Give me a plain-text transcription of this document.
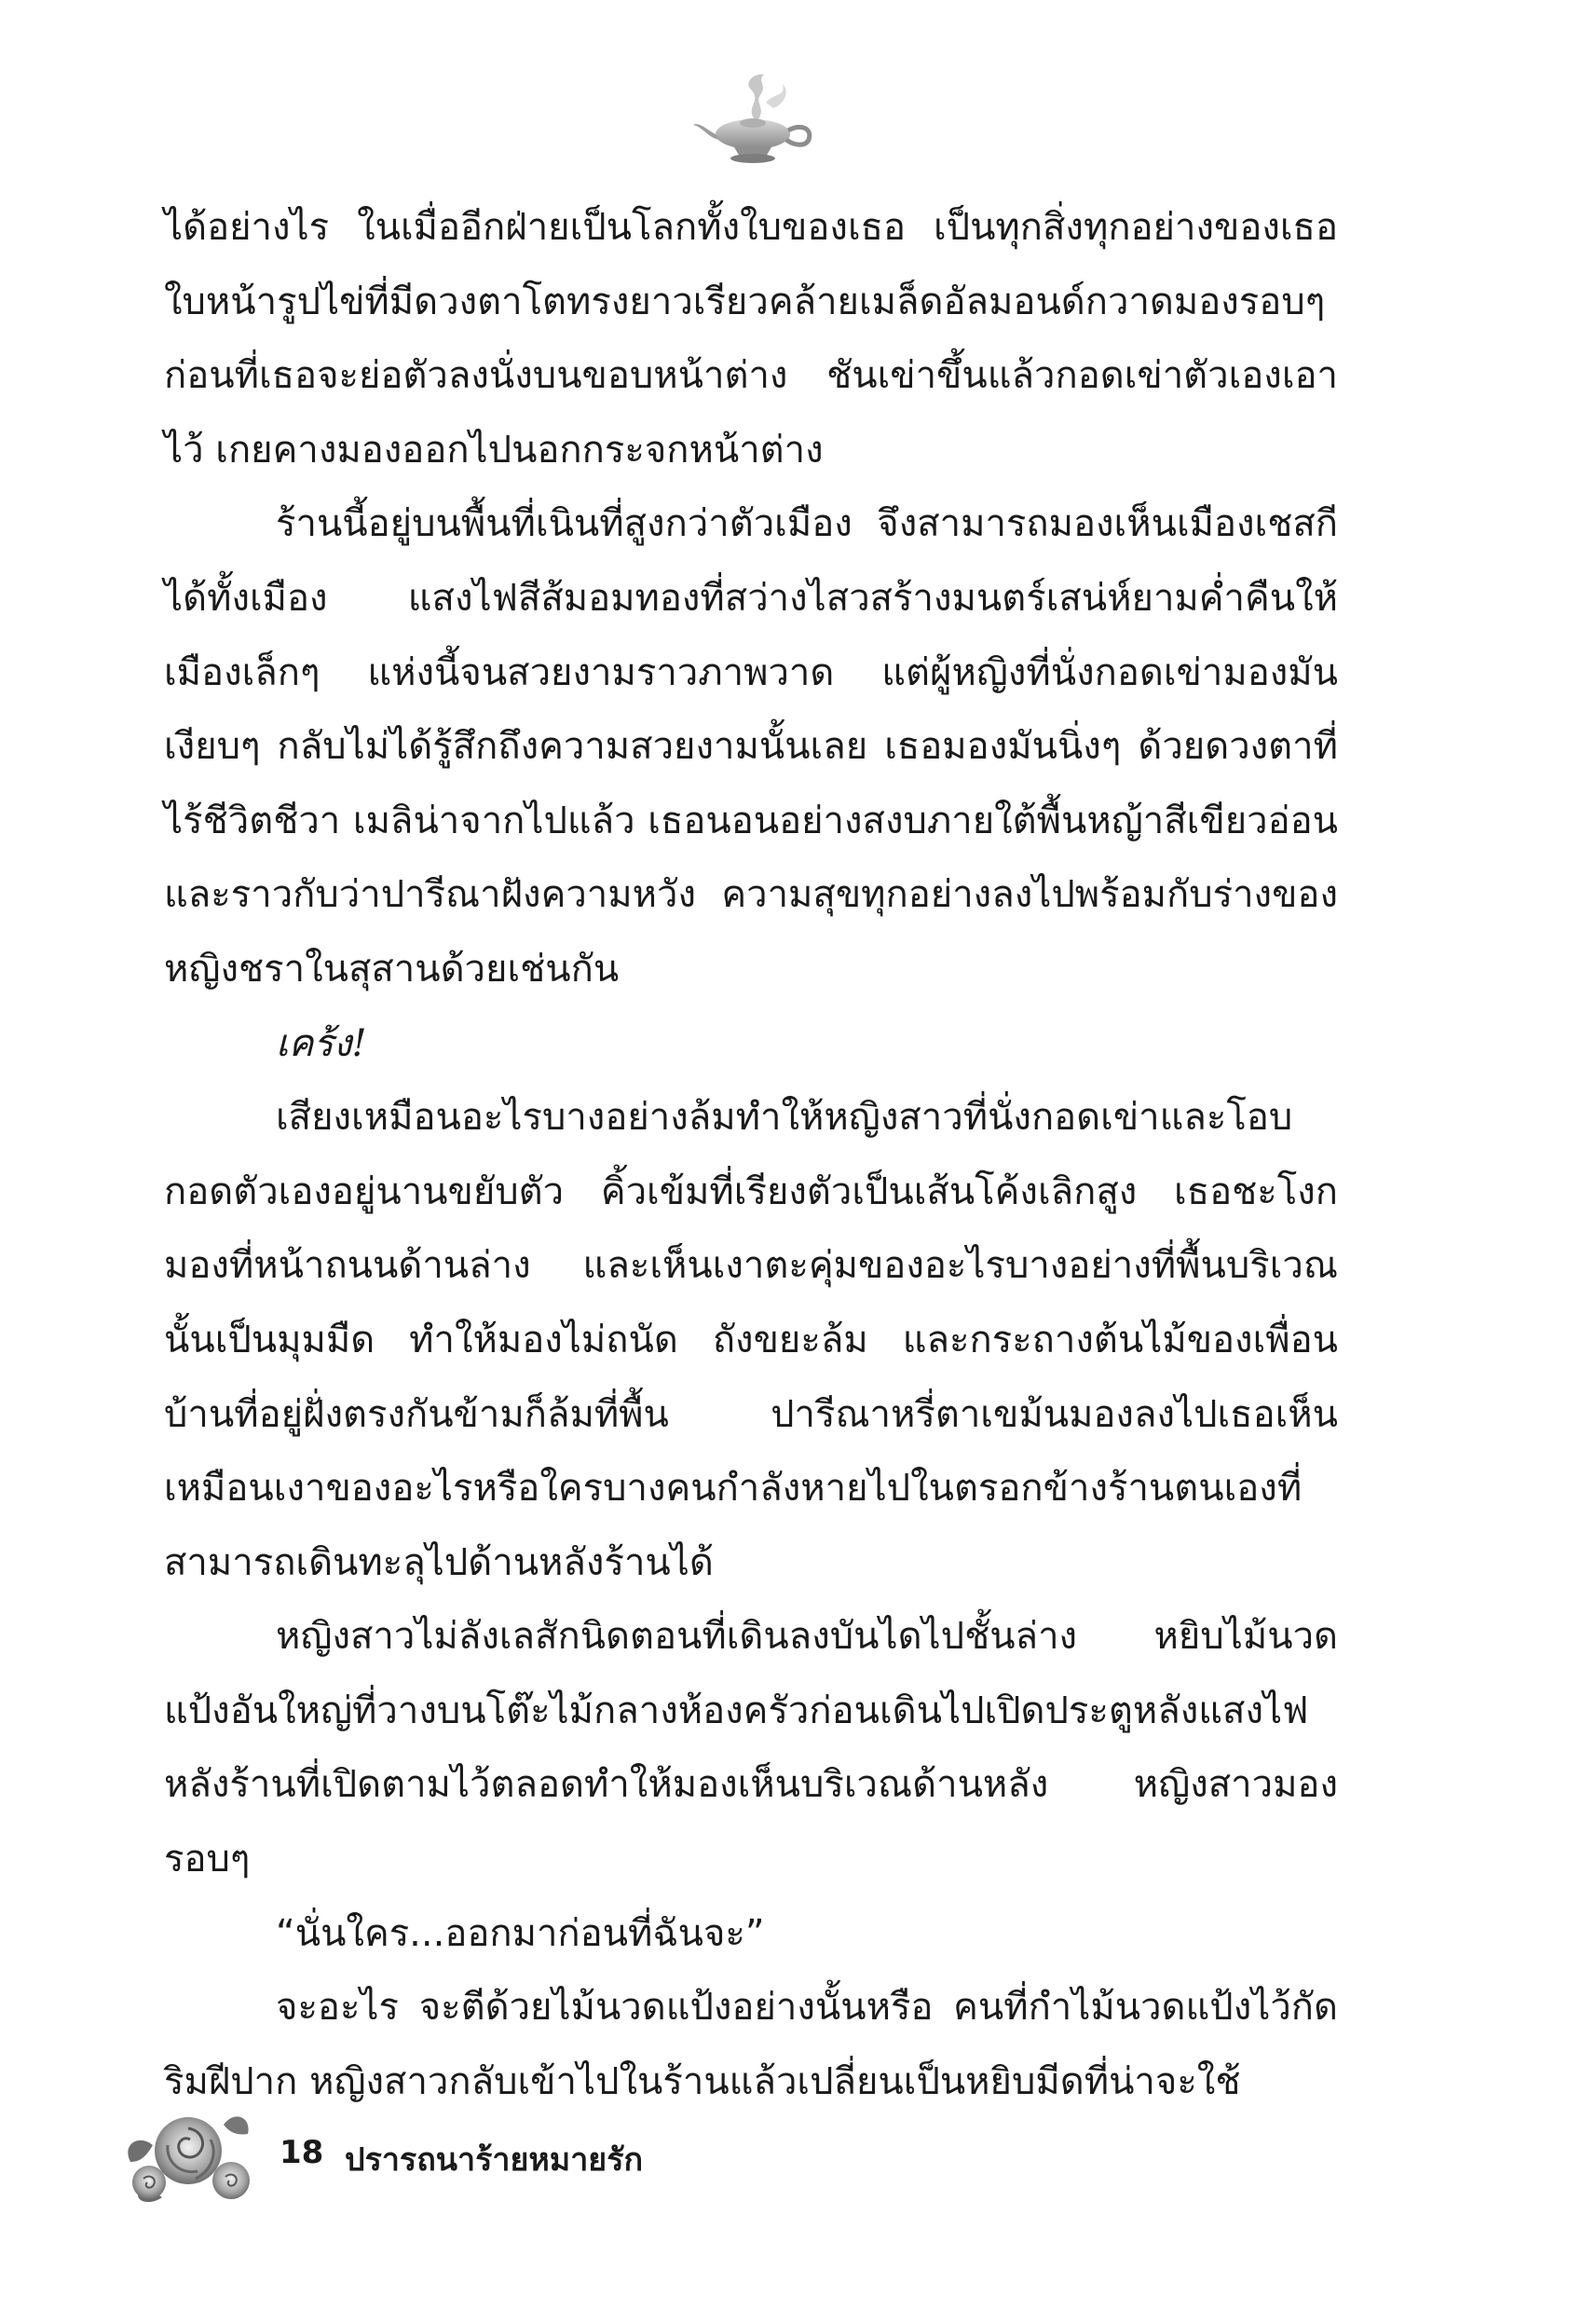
ได้อย่างไร ในเมื่ออีกฝ่ายเป็นโลกทั้งใบของเธอ เป็นทุกสิ่งทุกอย่างของเธอ ใบหน้ารูปไข่ที่มีดวงตาโตทรงยาวเรียวคล้ายเมล็ดอัลมอนด์กวาดมองรอบๆ ก่อนที่เธอจะย่อตัวลงนั่งบนขอบหน้าต่าง ชันเข่าขึ้นแล้วกอดเข่าตัวเองเอาไว้ เกยคางมองออกไปนอกกระจกหน้าต่าง

ร้านนี้อยู่บนพื้นที่เนินที่สูงกว่าตัวเมือง จึงสามารถมองเห็นเมืองเชสกีได้ทั้งเมือง แสงไฟสีส้มอมทองที่สว่างไสวสร้างมนตร์เสน่ห์ยามค่ำคืนให้เมืองเล็กๆ แห่งนี้จนสวยงามราวภาพวาด แต่ผู้หญิงที่นั่งกอดเข่ามองมันเงียบๆ กลับไม่ได้รู้สึกถึงความสวยงามนั้นเลย เธอมองมันนิ่งๆ ด้วยดวงตาที่ไร้ชีวิตชีวา เมลิน่าจากไปแล้ว เธอนอนอย่างสงบภายใต้พื้นหญ้าสีเขียวอ่อน และราวกับว่าปารีณาฝังความหวัง ความสุขทุกอย่างลงไปพร้อมกับร่างของหญิงชราในสุสานด้วยเช่นกัน

เคร้ง!

เสียงเหมือนอะไรบางอย่างล้มทำให้หญิงสาวที่นั่งกอดเข่าและโอบกอดตัวเองอยู่นานขยับตัว คิ้วเข้มที่เรียงตัวเป็นเส้นโค้งเลิกสูง เธอชะโงกมองที่หน้าถนนด้านล่าง และเห็นเงาตะคุ่มของอะไรบางอย่างที่พื้นบริเวณนั้นเป็นมุมมืด ทำให้มองไม่ถนัด ถังขยะล้ม และกระถางต้นไม้ของเพื่อนบ้านที่อยู่ฝั่งตรงกันข้ามก็ล้มที่พื้น ปารีณาหรี่ตาเขม้นมองลงไปเธอเห็นเหมือนเงาของอะไรหรือใครบางคนกำลังหายไปในตรอกข้างร้านตนเองที่สามารถเดินทะลุไปด้านหลังร้านได้

หญิงสาวไม่ลังเลสักนิดตอนที่เดินลงบันไดไปชั้นล่าง หยิบไม้นวดแป้งอันใหญ่ที่วางบนโต๊ะไม้กลางห้องครัวก่อนเดินไปเปิดประตูหลังแสงไฟหลังร้านที่เปิดตามไว้ตลอดทำให้มองเห็นบริเวณด้านหลัง หญิงสาวมองรอบๆ

“นั่นใคร...ออกมาก่อนที่ฉันจะ”

จะอะไร จะตีด้วยไม้นวดแป้งอย่างนั้นหรือ คนที่กำไม้นวดแป้งไว้กัดริมฝีปาก หญิงสาวกลับเข้าไปในร้านแล้วเปลี่ยนเป็นหยิบมีดที่น่าจะใช้

18 ปรารถนาร้ายหมายรัก
